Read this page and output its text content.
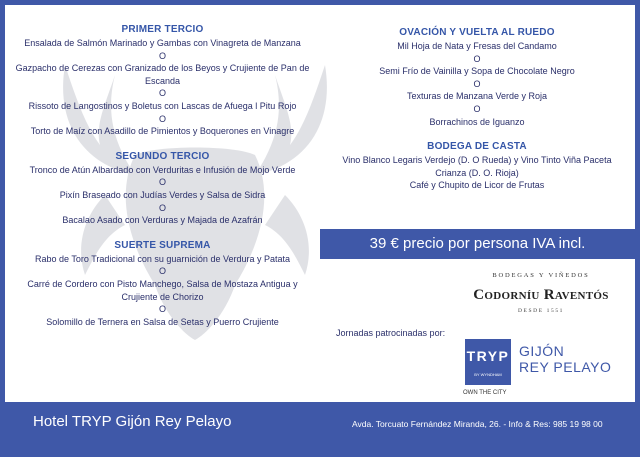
PRIMER TERCIO
Ensalada de Salmón Marinado y Gambas con Vinagreta de Manzana
O
Gazpacho de Cerezas con Granizado de los Beyos y Crujiente de Pan de Escanda
O
Rissoto de Langostinos y Boletus con Lascas de Afuega l Pitu Rojo
O
Torto de Maíz con Asadillo de Pimientos y Boquerones en Vinagre
SEGUNDO TERCIO
Tronco de Atún Albardado con Verduritas e Infusión de Mojo Verde
O
Pixín Braseado con Judías Verdes y Salsa de Sidra
O
Bacalao Asado con Verduras y Majada de Azafrán
SUERTE SUPREMA
Rabo de Toro Tradicional con su guarnición de Verdura y Patata
O
Carré de Cordero con Pisto Manchego, Salsa de Mostaza Antigua y Crujiente de Chorizo
O
Solomillo de Ternera en Salsa de Setas y Puerro Crujiente
OVACIÓN Y VUELTA AL RUEDO
Mil Hoja de Nata y Fresas del Candamo
O
Semi Frío de Vainilla y Sopa de Chocolate Negro
O
Texturas de Manzana Verde y Roja
O
Borrachinos de Iguanzo
BODEGA DE CASTA
Vino Blanco Legaris Verdejo (D. O Rueda) y Vino Tinto Viña Paceta
Crianza (D. O. Rioja)
Café y Chupito de Licor de Frutas
Jornadas patrocinadas por:
39 € precio por persona IVA incl.
BODEGAS Y VIÑEDOS
Codorníu Raventós
DESDE 1551
TRYP
BY WYNDHAM
OWN THE CITY
GIJÓN
REY PELAYO
Hotel TRYP Gijón Rey Pelayo	Avda. Torcuato Fernández Miranda, 26. - Info & Res: 985 19 98 00
